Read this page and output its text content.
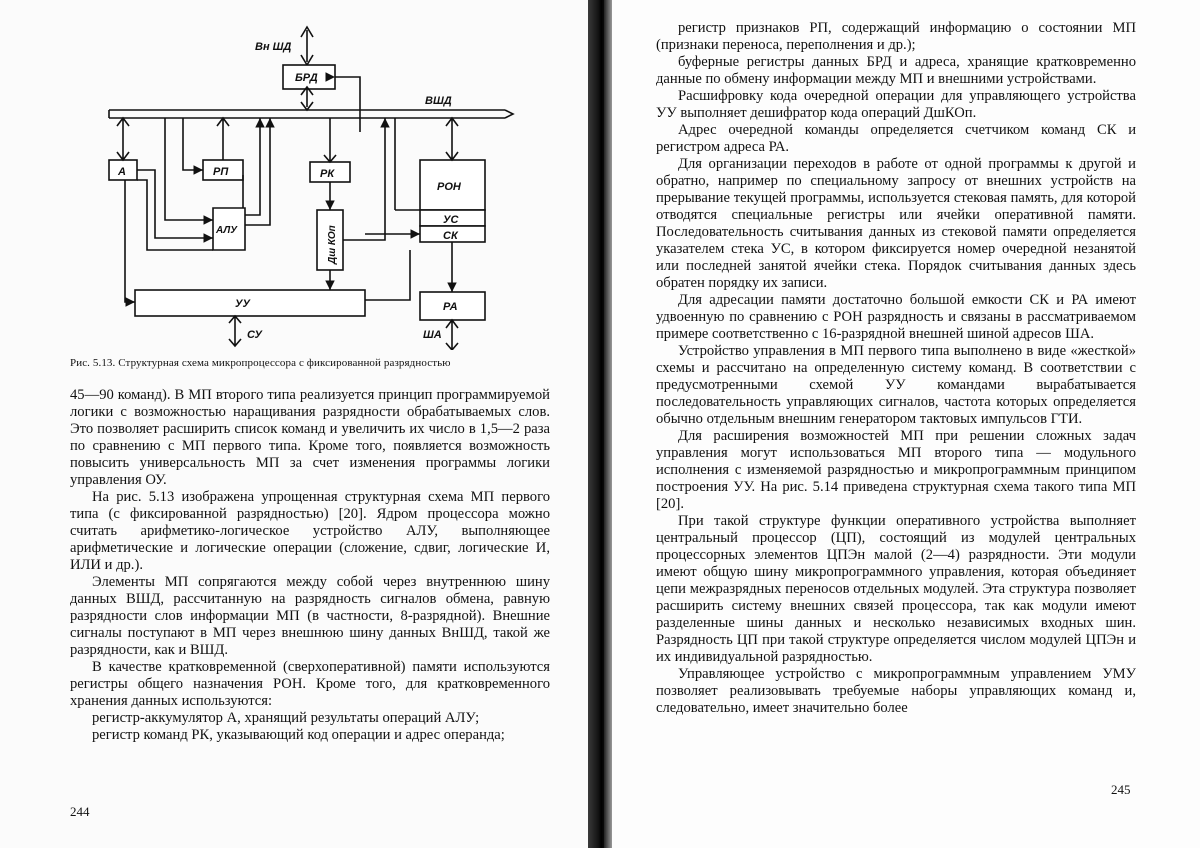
Вн ШД
БРД
ВШД
А	РП	РК
РОН
УС
СК
АЛУ	Дш КОп
УУ	РА
СУ	ША
Рис. 5.13. Структурная схема микропроцессора с фиксированной разрядностью

45—90 команд). В МП второго типа реализуется принцип программируемой логики с возможностью наращивания разрядности обрабатываемых слов. Это позволяет расширить список команд и увеличить их число в 1,5—2 раза по сравнению с МП первого типа. Кроме того, появляется возможность повысить универсальность МП за счет изменения программы логики управления ОУ.

На рис. 5.13 изображена упрощенная структурная схема МП первого типа (с фиксированной разрядностью) [20]. Ядром процессора можно считать арифметико-логическое устройство АЛУ, выполняющее арифметические и логические операции (сложение, сдвиг, логические И, ИЛИ и др.).

Элементы МП сопрягаются между собой через внутреннюю шину данных ВШД, рассчитанную на разрядность сигналов обмена, равную разрядности слов информации МП (в частности, 8-разрядной). Внешние сигналы поступают в МП через внешнюю шину данных ВнШД, такой же разрядности, как и ВШД.

В качестве кратковременной (сверхоперативной) памяти используются регистры общего назначения РОН. Кроме того, для кратковременного хранения данных используются:

регистр-аккумулятор А, хранящий результаты операций АЛУ;

регистр команд РК, указывающий код операции и адрес операнда;

244

регистр признаков РП, содержащий информацию о состоянии МП (признаки переноса, переполнения и др.);

буферные регистры данных БРД и адреса, хранящие кратковременно данные по обмену информации между МП и внешними устройствами.

Расшифровку кода очередной операции для управляющего устройства УУ выполняет дешифратор кода операций ДшКОп.

Адрес очередной команды определяется счетчиком команд СК и регистром адреса РА.

Для организации переходов в работе от одной программы к другой и обратно, например по специальному запросу от внешних устройств на прерывание текущей программы, используется стековая память, для которой отводятся специальные регистры или ячейки оперативной памяти. Последовательность считывания данных из стековой памяти определяется указателем стека УС, в котором фиксируется номер очередной незанятой или последней занятой ячейки стека. Порядок считывания данных здесь обратен порядку их записи.

Для адресации памяти достаточно большой емкости СК и РА имеют удвоенную по сравнению с РОН разрядность и связаны в рассматриваемом примере соответственно с 16-разрядной внешней шиной адресов ША.

Устройство управления в МП первого типа выполнено в виде «жесткой» схемы и рассчитано на определенную систему команд. В соответствии с предусмотренными схемой УУ командами вырабатывается последовательность управляющих сигналов, частота которых определяется обычно отдельным внешним генератором тактовых импульсов ГТИ.

Для расширения возможностей МП при решении сложных задач управления могут использоваться МП второго типа — модульного исполнения с изменяемой разрядностью и микропрограммным принципом построения УУ. На рис. 5.14 приведена структурная схема такого типа МП [20].

При такой структуре функции оперативного устройства выполняет центральный процессор (ЦП), состоящий из модулей центральных процессорных элементов ЦПЭн малой (2—4) разрядности. Эти модули имеют общую шину микропрограммного управления, которая объединяет цепи межразрядных переносов отдельных модулей. Эта структура позволяет расширить систему внешних связей процессора, так как модули имеют разделенные шины данных и несколько независимых входных шин. Разрядность ЦП при такой структуре определяется числом модулей ЦПЭн и их индивидуальной разрядностью.

Управляющее устройство с микропрограммным управлением УМУ позволяет реализовывать требуемые наборы управляющих команд и, следовательно, имеет значительно более

245
